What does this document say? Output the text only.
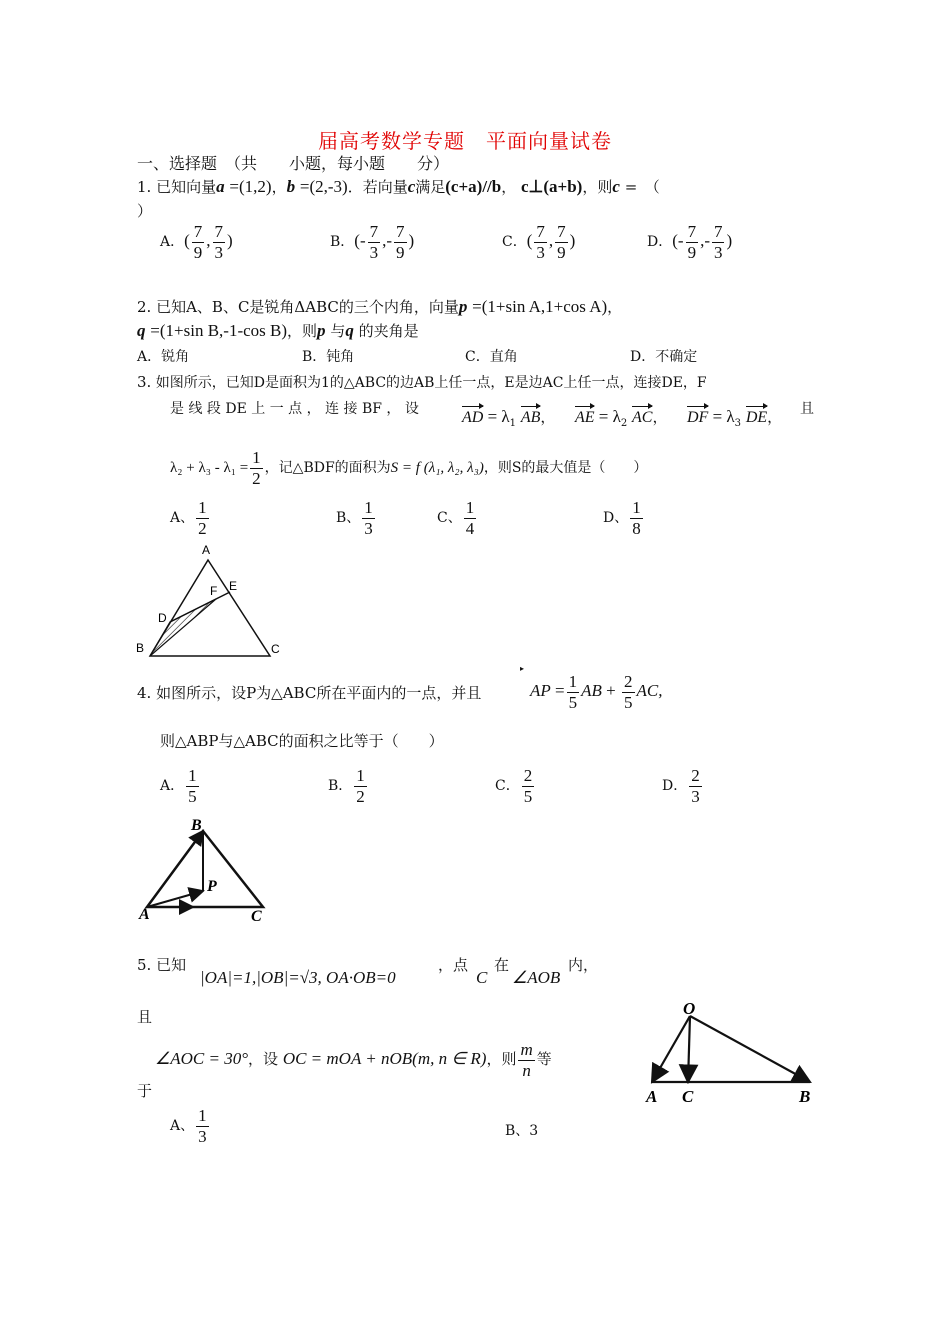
届高考数学专题　平面向量试卷
一、选择题　（共　　小题，每小题　　分）
1. 已知向量a =(1,2)，b =(2,-3)．若向量c满足(c+a)//b， c⊥(a+b)，则c =　（
）
A．( $\frac{7}{9}$ , $\frac{7}{3}$ )	B．(- $\frac{7}{3}$ ,- $\frac{7}{9}$ )	C．( $\frac{7}{3}$ , $\frac{7}{9}$ )	D．(- $\frac{7}{9}$ ,- $\frac{7}{3}$ )
2. 已知A、B、C是锐角ΔABC的三个内角，向量p =(1+sin A,1+cos A)，
q =(1+sin B,-1-cos B)，则p 与q 的夹角是
A．锐角	B．钝角	C．直角	D．不确定
3. 如图所示，已知D是面积为1的△ABC的边AB上任一点，E是边AC上任一点，连接DE，F
是 线 段 DE 上 一 点 ， 连 接 BF ， 设	AD = $\lambda_1$ AB，  AE = $\lambda_2$ AC，  DF = $\lambda_3$ DE， 且
$\lambda_2 + \lambda_3 - \lambda_1 = \frac{1}{2}$ ，记△BDF的面积为S = f (λ₁, λ₂, λ₃)，则S的最大值是（　　）
A、 $\frac{1}{2}$	B、 $\frac{1}{3}$	C、 $\frac{1}{4}$	D、 $\frac{1}{8}$
A
E
F
D
B	C
4. 如图所示，设P为△ABC所在平面内的一点，并且
▸
AP = $\frac{1}{5}$ AB + $\frac{2}{5}$ AC,
则△ABP与△ABC的面积之比等于（　　）
A． $\frac{1}{5}$	B． $\frac{1}{2}$	C． $\frac{2}{5}$	D． $\frac{2}{3}$
B
P
A	C
5. 已知
|OA|=1,|OB|=√3, OA·OB=0
，点
C
在
∠AOB
内，
且
∠AOC = 30°，设 OC = mOA + nOB(m, n ∈ R)，则 $\frac{m}{n}$ 等
于
A、 $\frac{1}{3}$	B、3
O
A C	B
